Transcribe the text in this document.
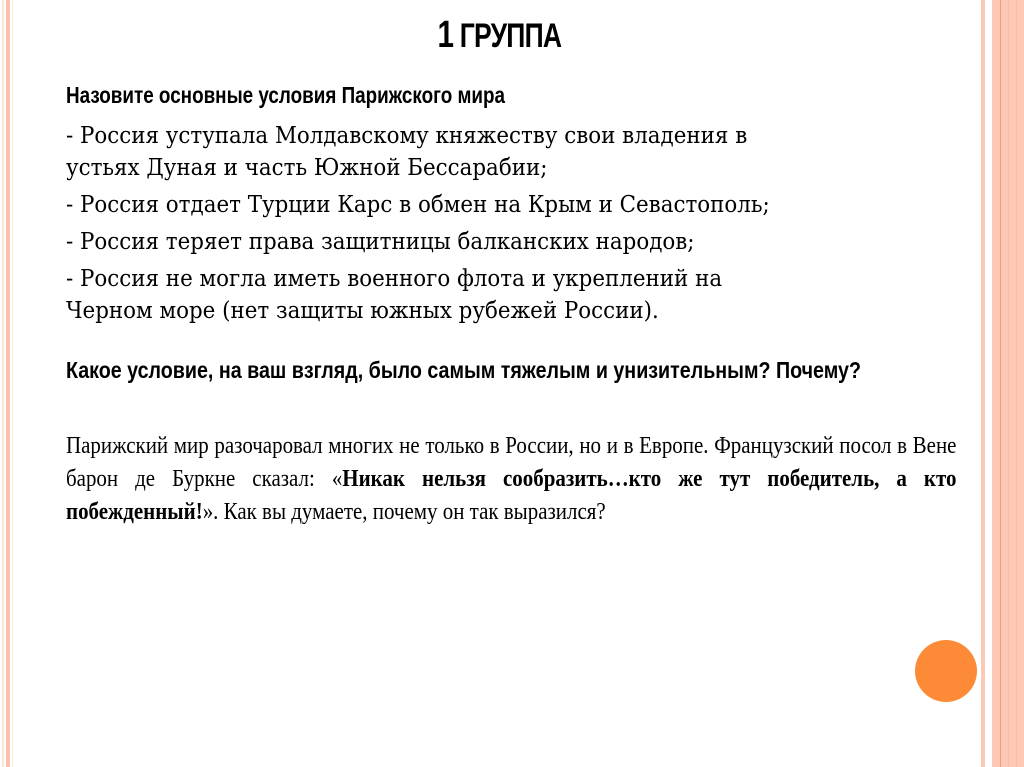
1 ГРУППА
Назовите основные условия Парижского мира
- Россия уступала Молдавскому княжеству свои владения в
устьях Дуная и часть Южной Бессарабии;
- Россия отдает Турции Карс в обмен на Крым и Севастополь;
- Россия теряет права защитницы балканских народов;
- Россия не могла иметь военного флота и укреплений на
Черном море (нет защиты южных рубежей России).
Какое условие, на ваш взгляд, было самым тяжелым и унизительным? Почему?
Парижский мир разочаровал многих не только в России, но и в Европе. Французский посол в Вене барон де Буркне сказал: «Никак нельзя сообразить…кто же тут победитель, а кто побежденный!». Как вы думаете, почему он так выразился?
